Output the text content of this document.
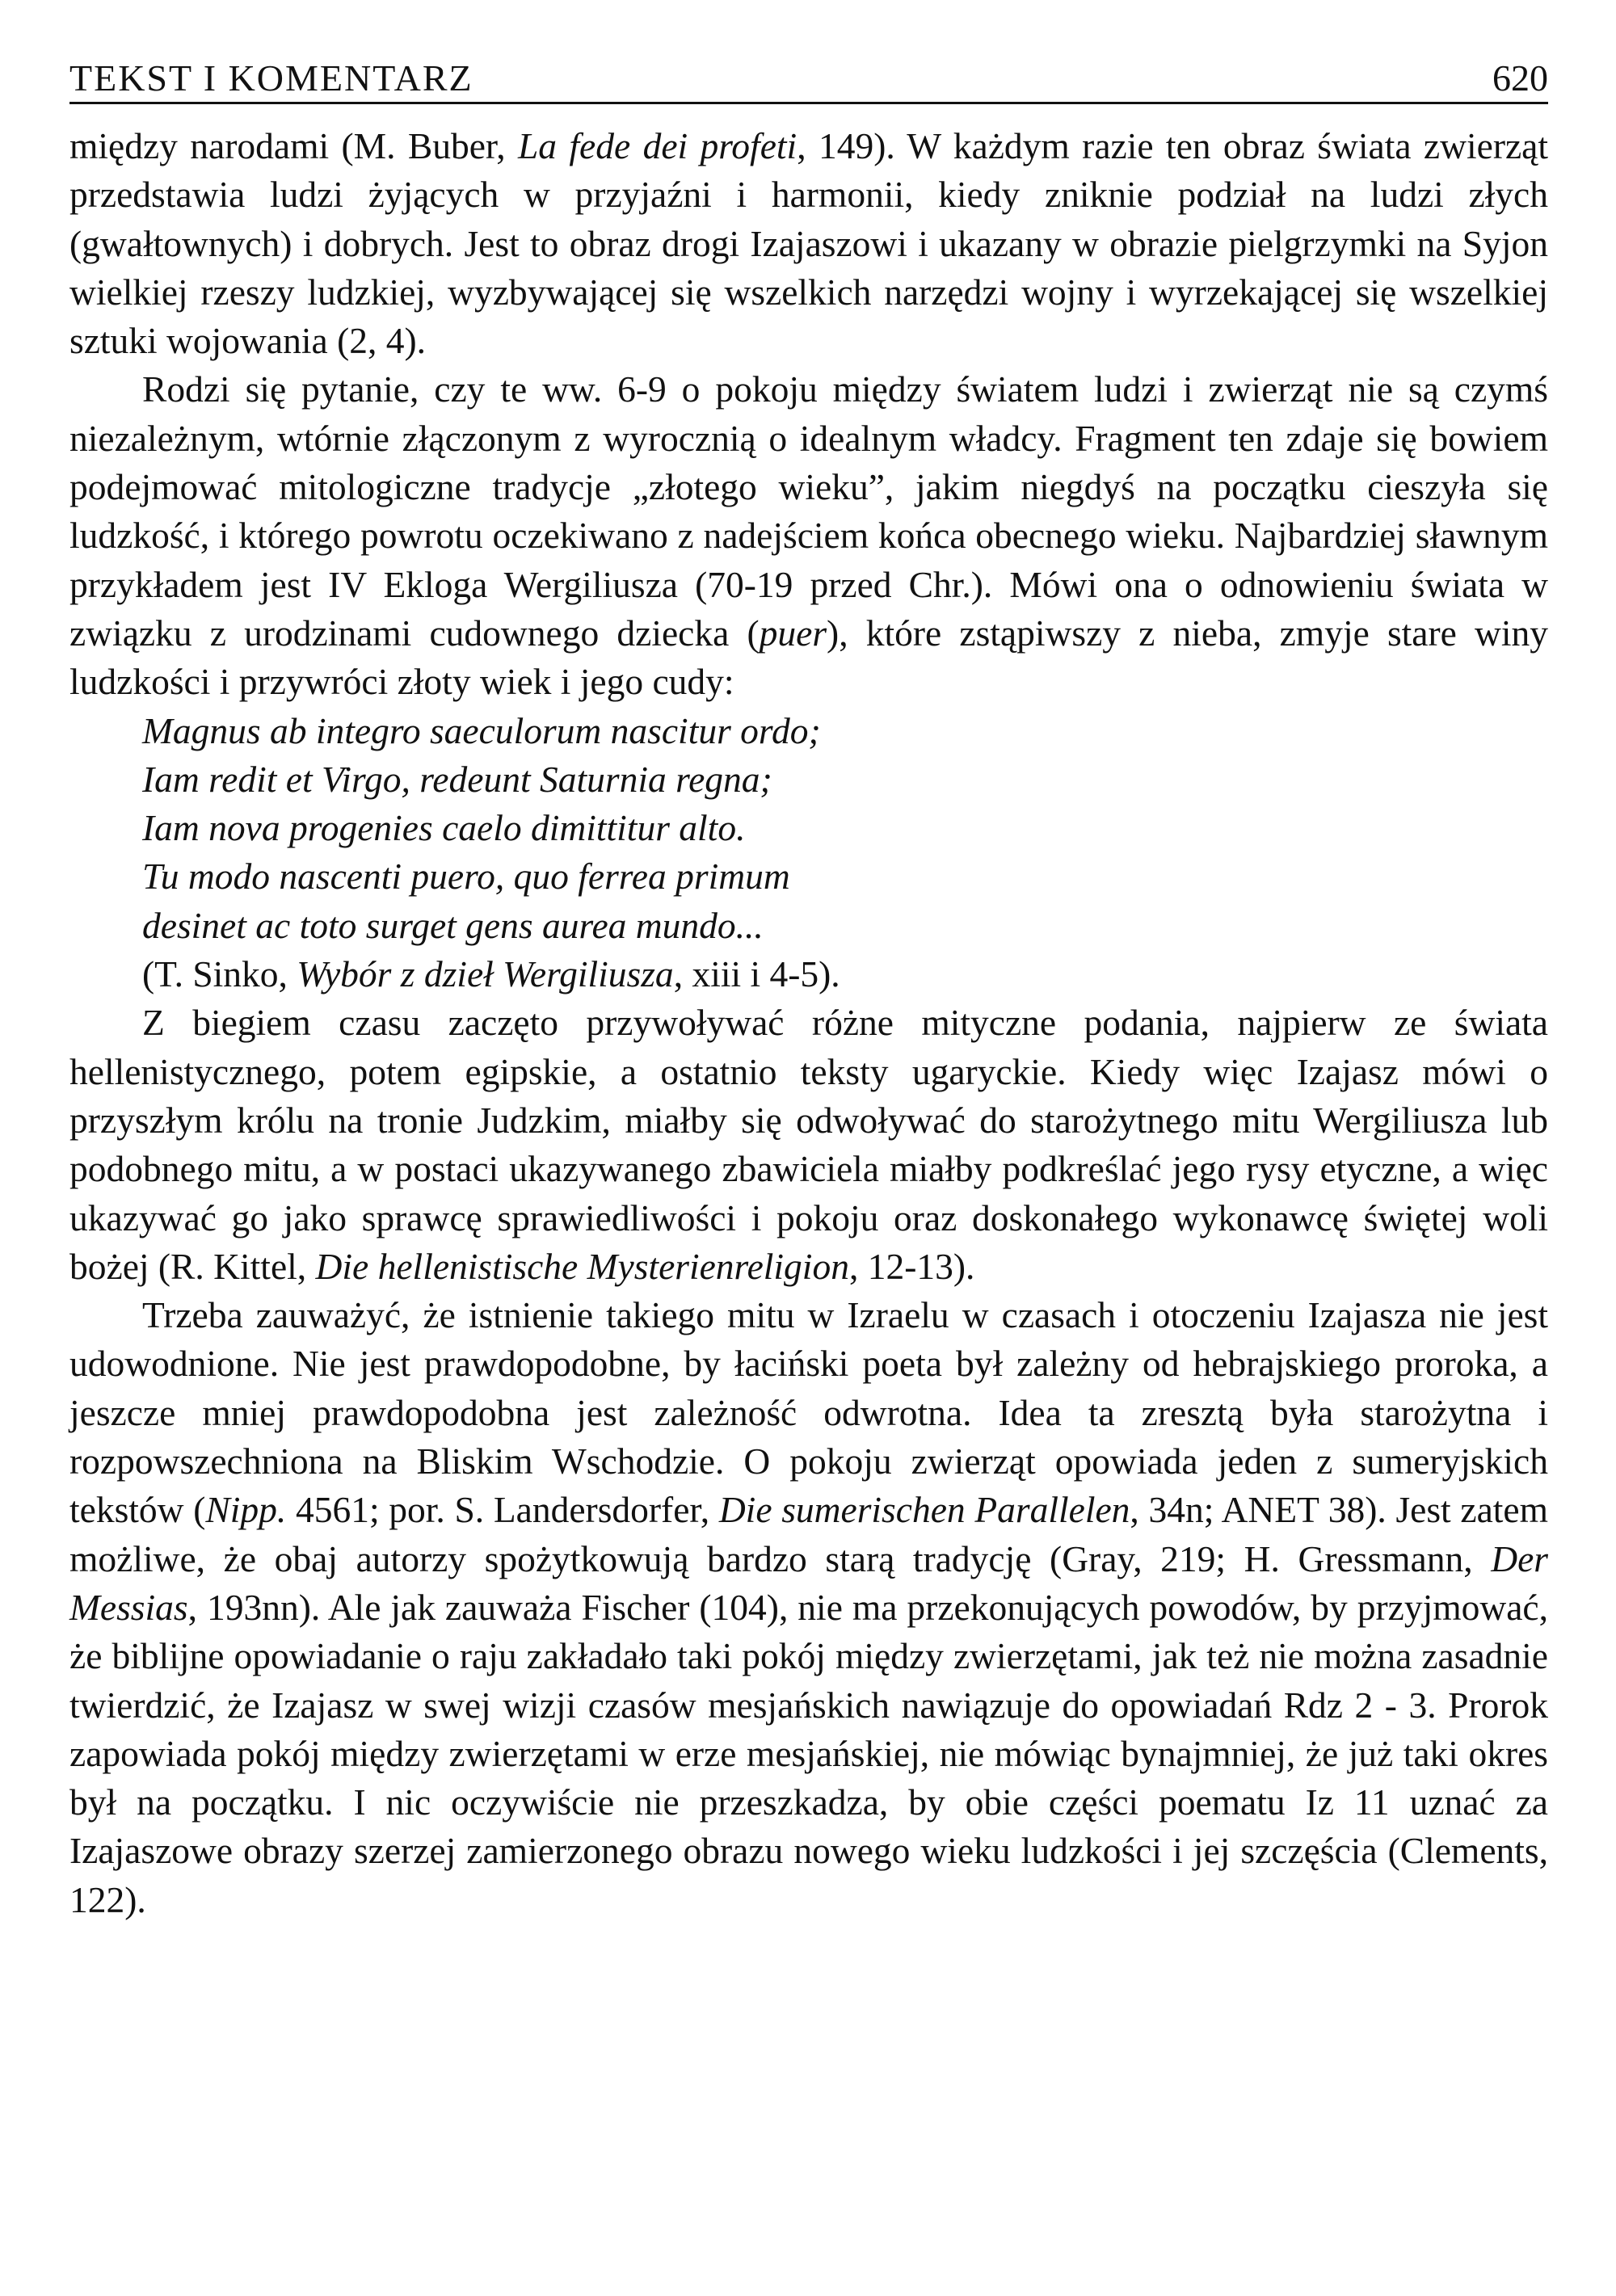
TEKST I KOMENTARZ	620

między narodami (M. Buber, La fede dei profeti, 149). W każdym razie ten obraz świata zwierząt przedstawia ludzi żyjących w przyjaźni i harmonii, kiedy zniknie podział na ludzi złych (gwałtownych) i dobrych. Jest to obraz drogi Izajaszowi i ukazany w obrazie pielgrzymki na Syjon wielkiej rzeszy ludzkiej, wyzbywającej się wszelkich narzędzi wojny i wyrzekającej się wszelkiej sztuki wojowania (2, 4).

Rodzi się pytanie, czy te ww. 6-9 o pokoju między światem ludzi i zwierząt nie są czymś niezależnym, wtórnie złączonym z wyrocznią o idealnym władcy. Fragment ten zdaje się bowiem podejmować mitologiczne tradycje „złotego wieku”, jakim niegdyś na początku cieszyła się ludzkość, i którego powrotu oczekiwano z nadejściem końca obecnego wieku. Najbardziej sławnym przykładem jest IV Ekloga Wergiliusza (70-19 przed Chr.). Mówi ona o odnowieniu świata w związku z urodzinami cudownego dziecka (puer), które zstąpiwszy z nieba, zmyje stare winy ludzkości i przywróci złoty wiek i jego cudy:

Magnus ab integro saeculorum nascitur ordo;
Iam redit et Virgo, redeunt Saturnia regna;
Iam nova progenies caelo dimittitur alto.
Tu modo nascenti puero, quo ferrea primum
desinet ac toto surget gens aurea mundo...
(T. Sinko, Wybór z dzieł Wergiliusza, xiii i 4-5).

Z biegiem czasu zaczęto przywoływać różne mityczne podania, najpierw ze świata hellenistycznego, potem egipskie, a ostatnio teksty ugaryckie. Kiedy więc Izajasz mówi o przyszłym królu na tronie Judzkim, miałby się odwoływać do starożytnego mitu Wergiliusza lub podobnego mitu, a w postaci ukazywanego zbawiciela miałby podkreślać jego rysy etyczne, a więc ukazywać go jako sprawcę sprawiedliwości i pokoju oraz doskonałego wykonawcę świętej woli bożej (R. Kittel, Die hellenistische Mysterienreligion, 12-13).

Trzeba zauważyć, że istnienie takiego mitu w Izraelu w czasach i otoczeniu Izajasza nie jest udowodnione. Nie jest prawdopodobne, by łaciński poeta był zależny od hebrajskiego proroka, a jeszcze mniej prawdopodobna jest zależność odwrotna. Idea ta zresztą była starożytna i rozpowszechniona na Bliskim Wschodzie. O pokoju zwierząt opowiada jeden z sumeryjskich tekstów (Nipp. 4561; por. S. Landersdorfer, Die sumerischen Parallelen, 34n; ANET 38). Jest zatem możliwe, że obaj autorzy spożytkowują bardzo starą tradycję (Gray, 219; H. Gressmann, Der Messias, 193nn). Ale jak zauważa Fischer (104), nie ma przekonujących powodów, by przyjmować, że biblijne opowiadanie o raju zakładało taki pokój między zwierzętami, jak też nie można zasadnie twierdzić, że Izajasz w swej wizji czasów mesjańskich nawiązuje do opowiadań Rdz 2 - 3. Prorok zapowiada pokój między zwierzętami w erze mesjańskiej, nie mówiąc bynajmniej, że już taki okres był na początku. I nic oczywiście nie przeszkadza, by obie części poematu Iz 11 uznać za Izajaszowe obrazy szerzej zamierzonego obrazu nowego wieku ludzkości i jej szczęścia (Clements, 122).
